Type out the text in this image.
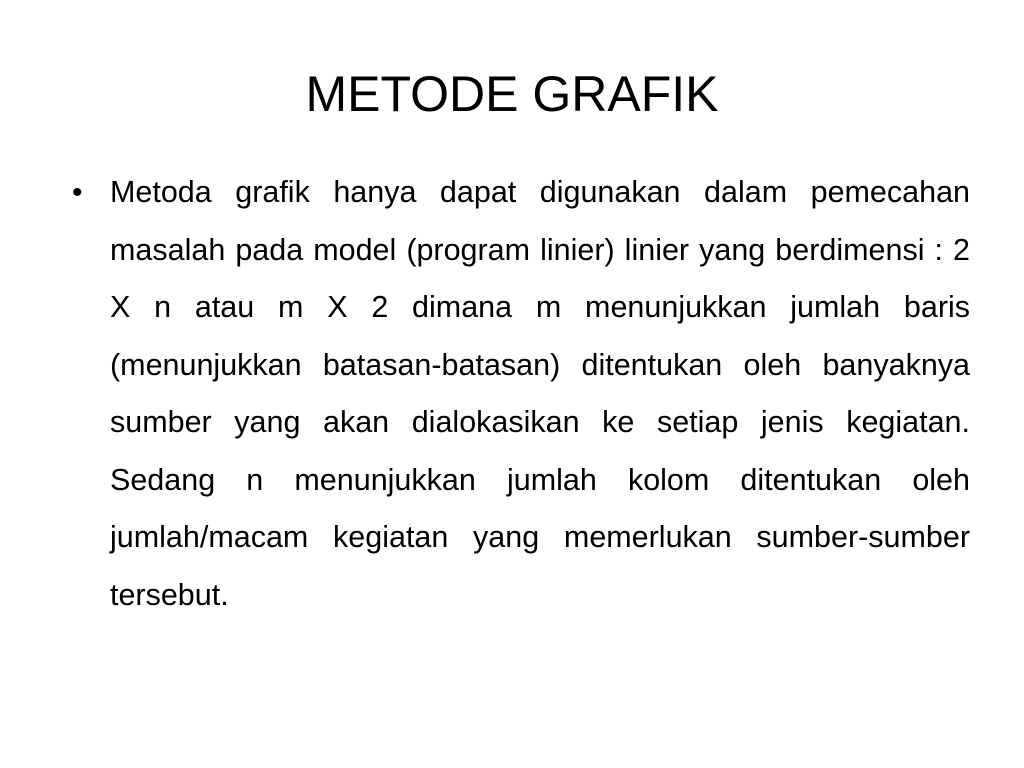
METODE GRAFIK
• Metoda grafik hanya dapat digunakan dalam pemecahan masalah pada model (program linier) linier yang berdimensi : 2 X n atau m X 2 dimana m menunjukkan jumlah baris (menunjukkan batasan-batasan) ditentukan oleh banyaknya sumber yang akan dialokasikan ke setiap jenis kegiatan. Sedang n menunjukkan jumlah kolom ditentukan oleh jumlah/macam kegiatan yang memerlukan sumber-sumber tersebut.
